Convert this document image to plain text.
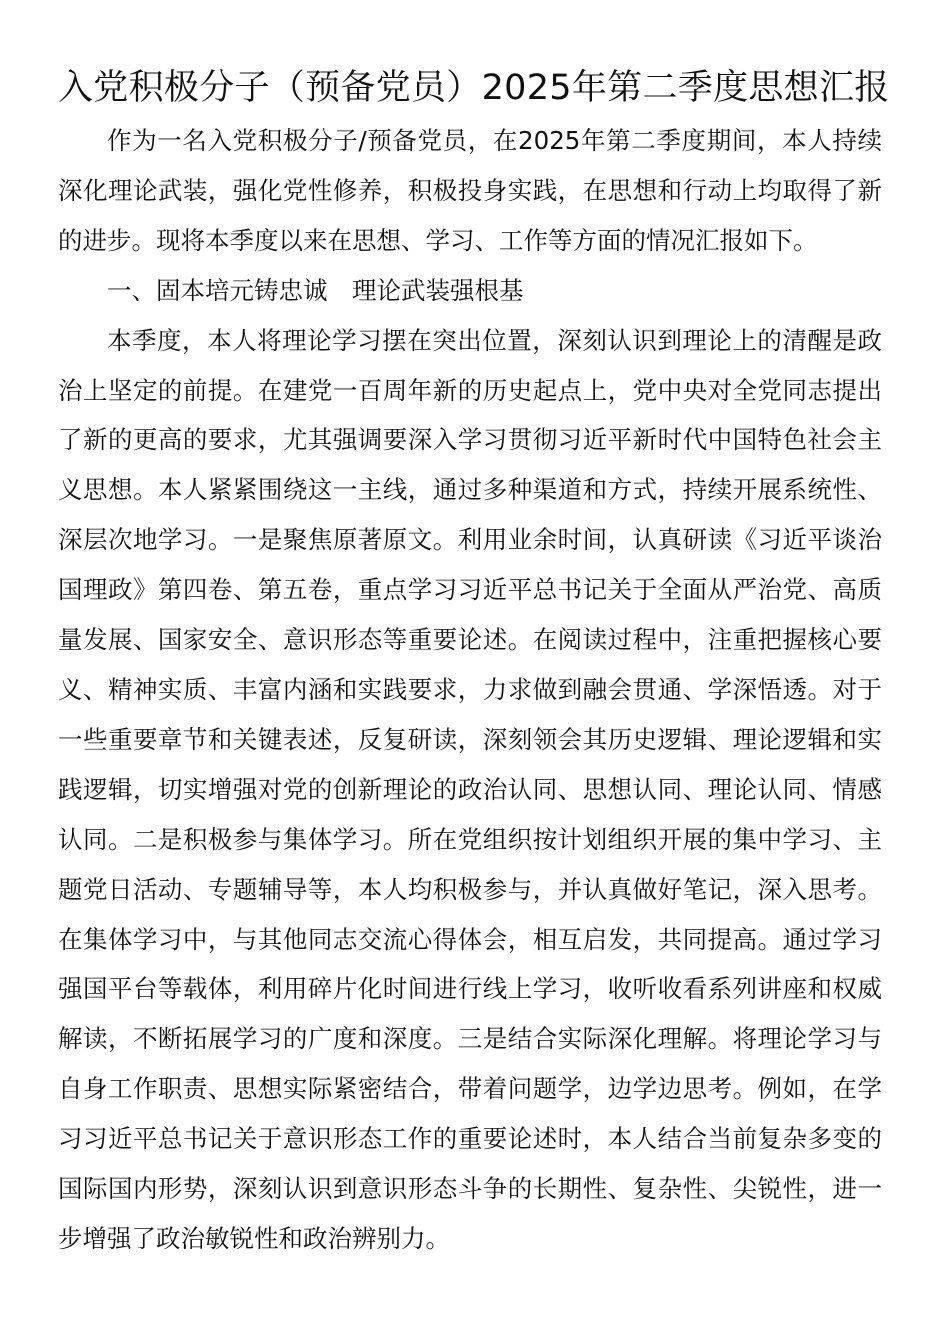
入党积极分子（预备党员）2025年第二季度思想汇报

作为一名入党积极分子/预备党员，在2025年第二季度期间，本人持续深化理论武装，强化党性修养，积极投身实践，在思想和行动上均取得了新的进步。现将本季度以来在思想、学习、工作等方面的情况汇报如下。

一、固本培元铸忠诚　理论武装强根基

本季度，本人将理论学习摆在突出位置，深刻认识到理论上的清醒是政治上坚定的前提。在建党一百周年新的历史起点上，党中央对全党同志提出了新的更高的要求，尤其强调要深入学习贯彻习近平新时代中国特色社会主义思想。本人紧紧围绕这一主线，通过多种渠道和方式，持续开展系统性、深层次地学习。一是聚焦原著原文。利用业余时间，认真研读《习近平谈治国理政》第四卷、第五卷，重点学习习近平总书记关于全面从严治党、高质量发展、国家安全、意识形态等重要论述。在阅读过程中，注重把握核心要义、精神实质、丰富内涵和实践要求，力求做到融会贯通、学深悟透。对于一些重要章节和关键表述，反复研读，深刻领会其历史逻辑、理论逻辑和实践逻辑，切实增强对党的创新理论的政治认同、思想认同、理论认同、情感认同。二是积极参与集体学习。所在党组织按计划组织开展的集中学习、主题党日活动、专题辅导等，本人均积极参与，并认真做好笔记，深入思考。在集体学习中，与其他同志交流心得体会，相互启发，共同提高。通过学习强国平台等载体，利用碎片化时间进行线上学习，收听收看系列讲座和权威解读，不断拓展学习的广度和深度。三是结合实际深化理解。将理论学习与自身工作职责、思想实际紧密结合，带着问题学，边学边思考。例如，在学习习近平总书记关于意识形态工作的重要论述时，本人结合当前复杂多变的国际国内形势，深刻认识到意识形态斗争的长期性、复杂性、尖锐性，进一步增强了政治敏锐性和政治辨别力。
